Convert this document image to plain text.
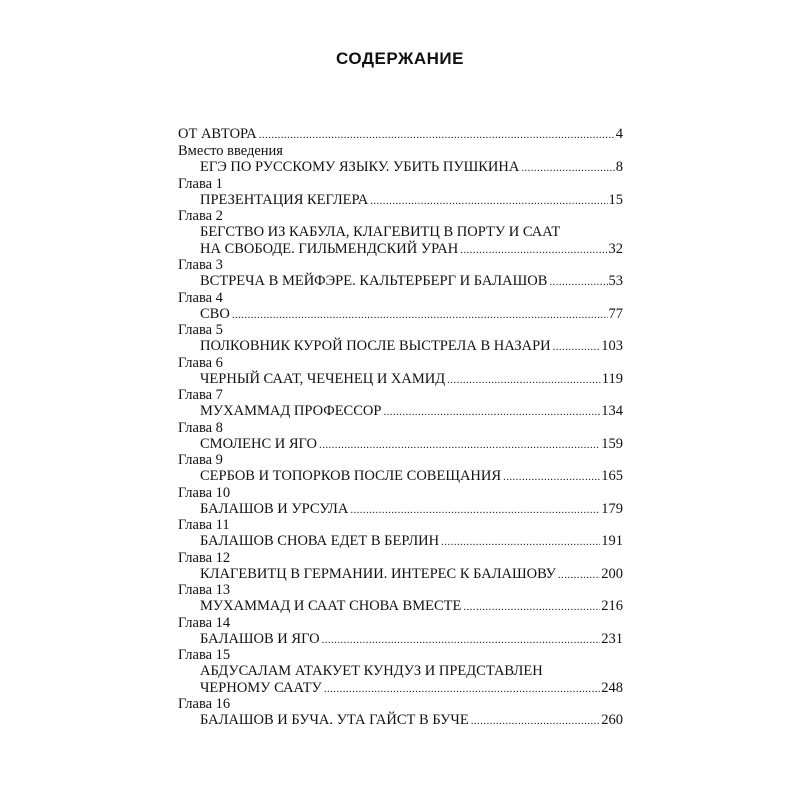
СОДЕРЖАНИЕ
ОТ АВТОРА .....	4
Вместо введения
ЕГЭ ПО РУССКОМУ ЯЗЫКУ. УБИТЬ ПУШКИНА .....	8
Глава 1
ПРЕЗЕНТАЦИЯ КЕГЛЕРА .....	15
Глава 2
БЕГСТВО ИЗ КАБУЛА, КЛАГЕВИТЦ В ПОРТУ И СААТ
НА СВОБОДЕ. ГИЛЬМЕНДСКИЙ УРАН .....	32
Глава 3
ВСТРЕЧА В МЕЙФЭРЕ. КАЛЬТЕРБЕРГ И БАЛАШОВ .....	53
Глава 4
СВО .....	77
Глава 5
ПОЛКОВНИК КУРОЙ ПОСЛЕ ВЫСТРЕЛА В НАЗАРИ .....	103
Глава 6
ЧЕРНЫЙ СААТ, ЧЕЧЕНЕЦ И ХАМИД .....	119
Глава 7
МУХАММАД ПРОФЕССОР .....	134
Глава 8
СМОЛЕНС И ЯГО .....	159
Глава 9
СЕРБОВ И ТОПОРКОВ ПОСЛЕ СОВЕЩАНИЯ .....	165
Глава 10
БАЛАШОВ И УРСУЛА .....	179
Глава 11
БАЛАШОВ СНОВА ЕДЕТ В БЕРЛИН .....	191
Глава 12
КЛАГЕВИТЦ В ГЕРМАНИИ. ИНТЕРЕС К БАЛАШОВУ .....	200
Глава 13
МУХАММАД И СААТ СНОВА ВМЕСТЕ .....	216
Глава 14
БАЛАШОВ И ЯГО .....	231
Глава 15
АБДУСАЛАМ АТАКУЕТ КУНДУЗ И ПРЕДСТАВЛЕН
ЧЕРНОМУ СААТУ .....	248
Глава 16
БАЛАШОВ И БУЧА. УТА ГАЙСТ В БУЧЕ .....	260
